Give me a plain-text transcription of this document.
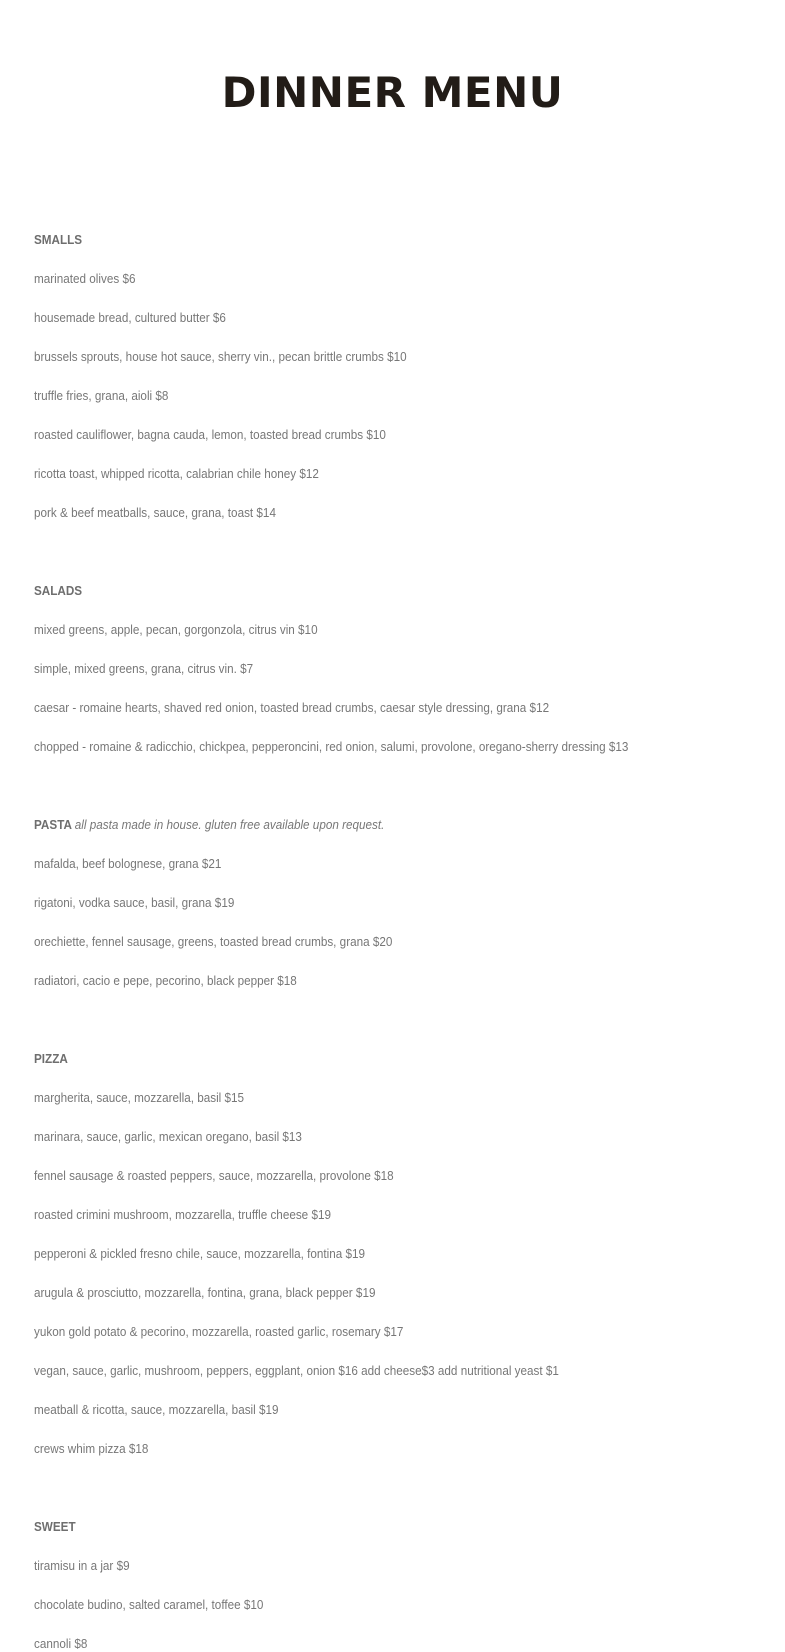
DINNER MENU
SMALLS
marinated olives $6
housemade bread, cultured butter $6
brussels sprouts, house hot sauce, sherry vin., pecan brittle crumbs $10
truffle fries, grana, aioli $8
roasted cauliflower, bagna cauda, lemon, toasted bread crumbs $10
ricotta toast, whipped ricotta, calabrian chile honey $12
pork & beef meatballs, sauce, grana, toast $14
SALADS
mixed greens, apple, pecan, gorgonzola, citrus vin $10
simple, mixed greens, grana, citrus vin. $7
caesar - romaine hearts, shaved red onion, toasted bread crumbs, caesar style dressing, grana $12
chopped - romaine & radicchio, chickpea, pepperoncini, red onion, salumi, provolone, oregano-sherry dressing $13
PASTA all pasta made in house. gluten free available upon request.
mafalda, beef bolognese, grana $21
rigatoni, vodka sauce, basil, grana $19
orechiette, fennel sausage, greens, toasted bread crumbs, grana $20
radiatori, cacio e pepe, pecorino, black pepper $18
PIZZA
margherita, sauce, mozzarella, basil $15
marinara, sauce, garlic, mexican oregano, basil $13
fennel sausage & roasted peppers, sauce, mozzarella, provolone $18
roasted crimini mushroom, mozzarella, truffle cheese $19
pepperoni & pickled fresno chile, sauce, mozzarella, fontina $19
arugula & prosciutto, mozzarella, fontina, grana, black pepper $19
yukon gold potato & pecorino, mozzarella, roasted garlic, rosemary $17
vegan, sauce, garlic, mushroom, peppers, eggplant, onion $16 add cheese$3 add nutritional yeast $1
meatball & ricotta, sauce, mozzarella, basil $19
crews whim pizza $18
SWEET
tiramisu in a jar $9
chocolate budino, salted caramel, toffee $10
cannoli $8
